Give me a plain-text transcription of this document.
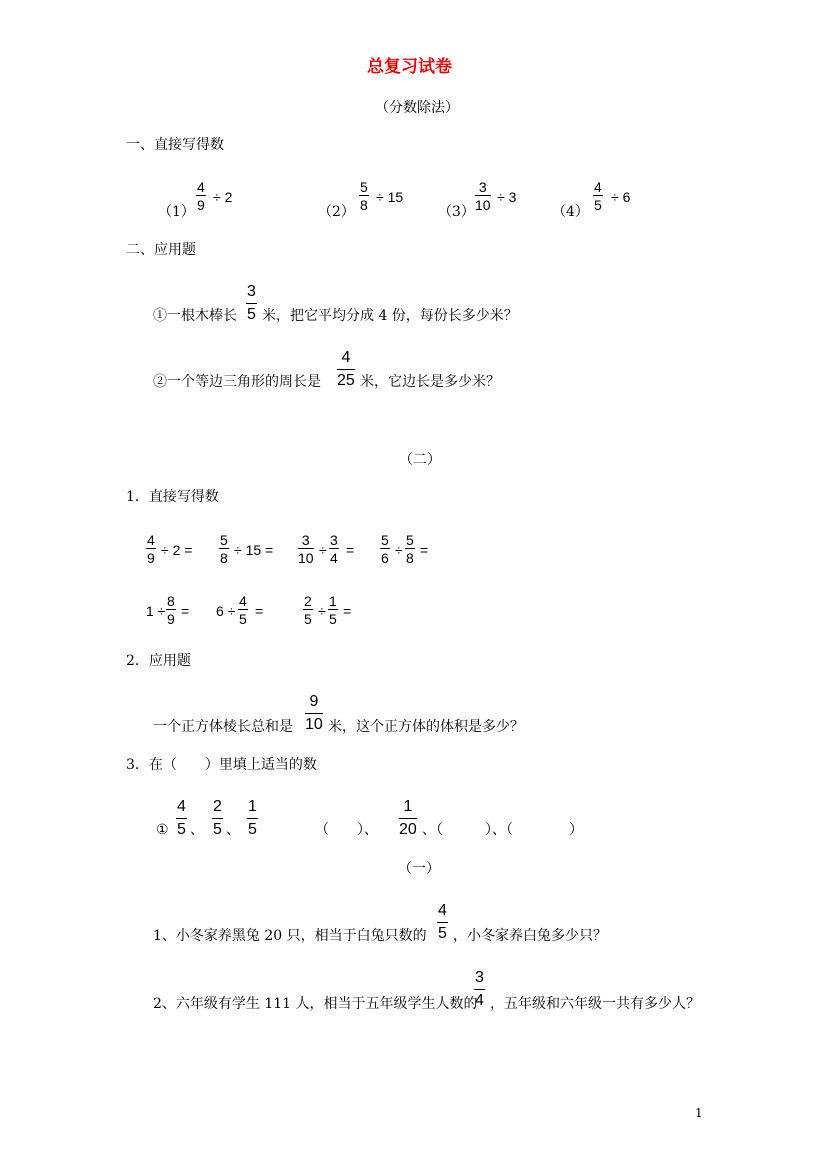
总复习试卷
（分数除法）
一、直接写得数
（1）
4
9 ÷ 2
（2）
5
8 ÷ 15
（3）
3
10 ÷ 3
（4）
4
5 ÷ 6
二、应用题
①一根木棒长
3
5 米，把它平均分成 4 份，每份长多少米？
②一个等边三角形的周长是
4
25 米，它边长是多少米？
（二）
1．直接写得数
4
9 ÷ 2 =
5
8 ÷ 15 =
3
10 ÷
3
4 =
5
6 ÷
5
8 =
1 ÷
8
9 = 6 ÷
4
5 =
2
5 ÷
1
5 =
2．应用题
一个正方体棱长总和是
9
10 米，这个正方体的体积是多少？
3．在（　　）里填上适当的数
①
4
5 、
2
5 、
1
5	（　　）、
1
20 、（　　　）、（　　　　）
（一）
1、小冬家养黑兔 20 只，相当于白兔只数的
4
5 ，小冬家养白兔多少只？
2、六年级有学生 111 人，相当于五年级学生人数的
3
4 ，五年级和六年级一共有多少人？
1
